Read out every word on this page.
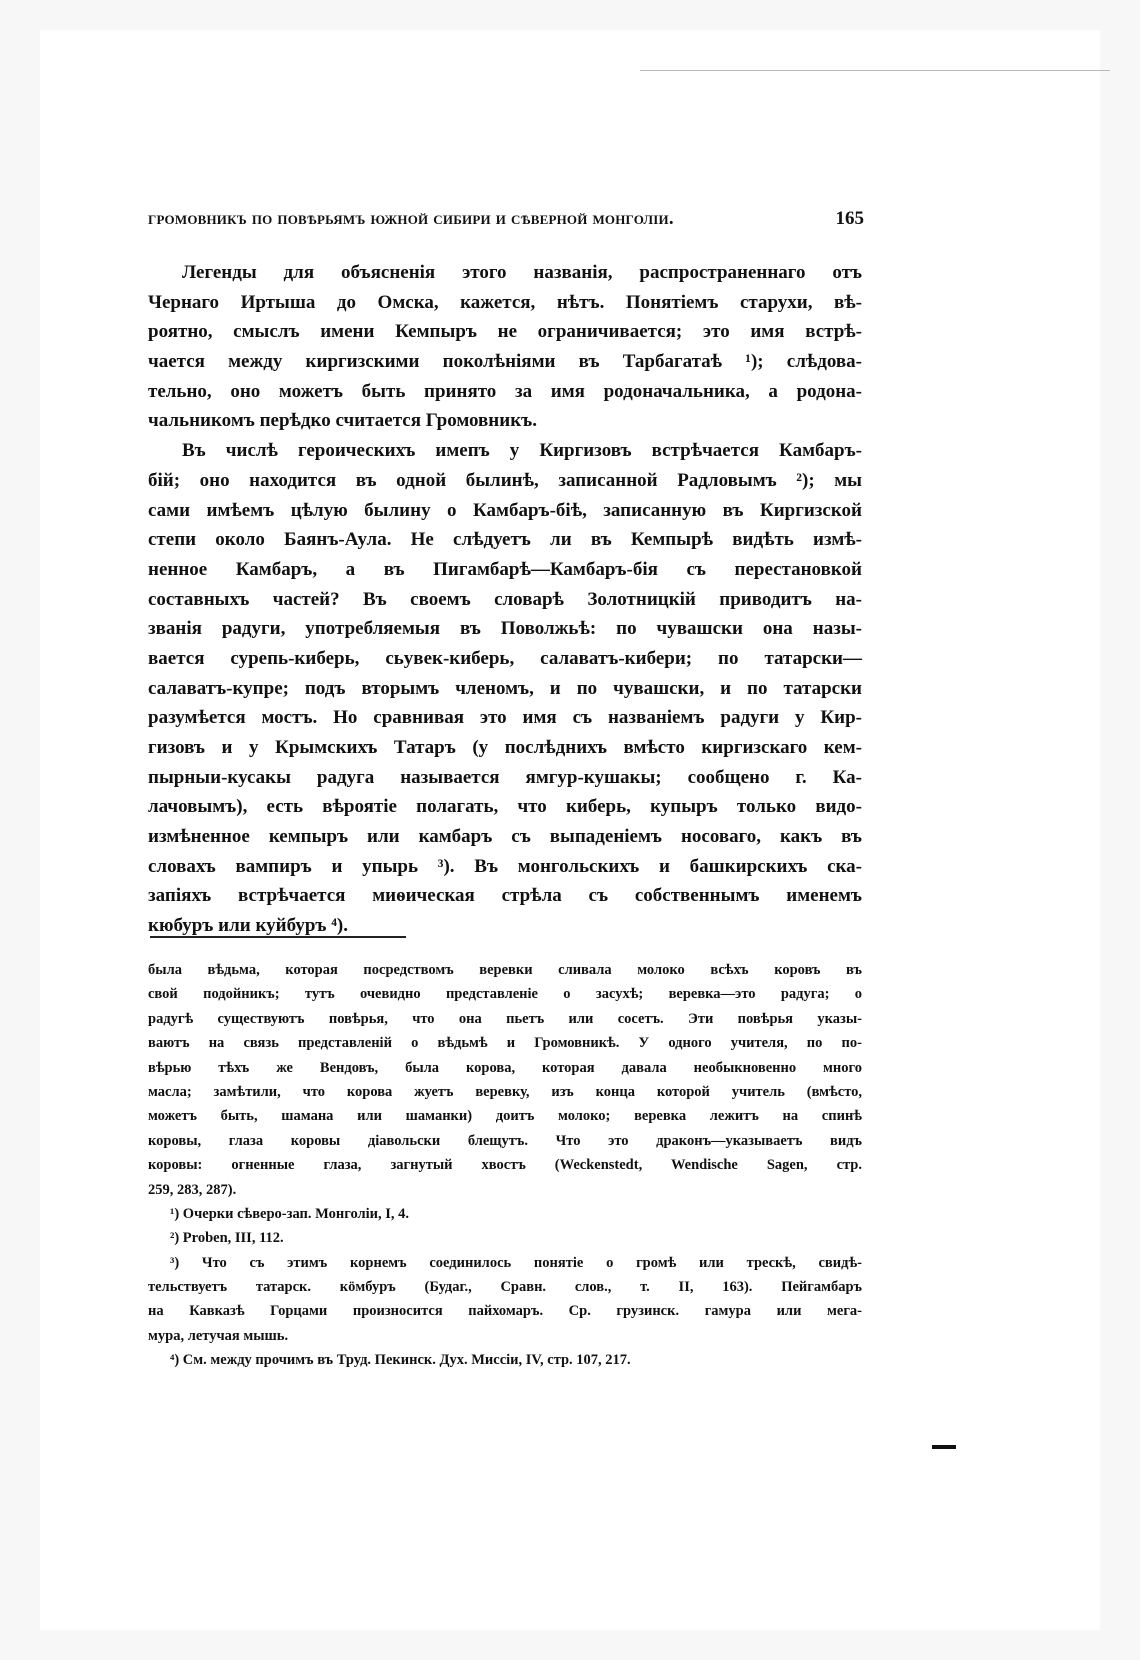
громовникъ по повѣрьямъ южной сибири и сѣверной монголіи.	165
Легенды для объясненія этого названія, распространеннаго отъ
Чернаго Иртыша до Омска, кажется, нѣтъ. Понятіемъ старухи, вѣ-
роятно, смыслъ имени Кемпыръ не ограничивается; это имя встрѣ-
чается между киргизскими поколѣніями въ Тарбагатаѣ ¹); слѣдова-
тельно, оно можетъ быть принято за имя родоначальника, а родона-
чальникомъ перѣдко считается Громовникъ.
Въ числѣ героическихъ имепъ у Киргизовъ встрѣчается Камбаръ-
бій; оно находится въ одной былинѣ, записанной Радловымъ ²); мы
сами имѣемъ цѣлую былину о Камбаръ-біѣ, записанную въ Киргизской
степи около Баянъ-Аула. Не слѣдуетъ ли въ Кемпырѣ видѣть измѣ-
ненное Камбаръ, а въ Пигамбарѣ—Камбаръ-бія съ перестановкой
составныхъ частей? Въ своемъ словарѣ Золотницкій приводитъ на-
званія радуги, употребляемыя въ Поволжьѣ: по чувашски она назы-
вается сурепь-киберь, сьувек-киберь, салаватъ-кибери; по татарски—
салаватъ-купре; подъ вторымъ членомъ, и по чувашски, и по татарски
разумѣется мостъ. Но сравнивая это имя съ названіемъ радуги у Кир-
гизовъ и у Крымскихъ Татаръ (у послѣднихъ вмѣсто киргизскаго кем-
пырныи-кусакы радуга называется ямгур-кушакы; сообщено г. Ка-
лачовымъ), есть вѣроятіе полагать, что киберь, купыръ только видо-
измѣненное кемпыръ или камбаръ съ выпаденіемъ носоваго, какъ въ
словахъ вампиръ и упырь ³). Въ монгольскихъ и башкирскихъ ска-
запіяхъ встрѣчается миѳическая стрѣла съ собственнымъ именемъ
кюбуръ или куйбуръ ⁴).
была вѣдьма, которая посредствомъ веревки сливала молоко всѣхъ коровъ въ
свой подойникъ; тутъ очевидно представленіе о засухѣ; веревка—это радуга; о
радугѣ существуютъ повѣрья, что она пьетъ или сосетъ. Эти повѣрья указы-
ваютъ на связь представленій о вѣдьмѣ и Громовникѣ. У одного учителя, по по-
вѣрью тѣхъ же Вендовъ, была корова, которая давала необыкновенно много
масла; замѣтили, что корова жуетъ веревку, изъ конца которой учитель (вмѣсто,
можетъ быть, шамана или шаманки) доитъ молоко; веревка лежитъ на спинѣ
коровы, глаза коровы діавольски блещутъ. Что это драконъ—указываетъ видъ
коровы: огненные глаза, загнутый хвостъ (Weckenstedt, Wendische Sagen, стр.
259, 283, 287).
¹) Очерки сѣверо-зап. Монголіи, I, 4.
²) Proben, III, 112.
³) Что съ этимъ корнемъ соединилось понятіе о громѣ или трескѣ, свидѣ-
тельствуетъ татарск. кӧмбуръ (Будаг., Сравн. слов., т. II, 163). Пейгамбаръ
на Кавказѣ Горцами произносится пайхомаръ. Ср. грузинск. гамура или мега-
мура, летучая мышь.
⁴) См. между прочимъ въ Труд. Пекинск. Дух. Миссіи, IV, стр. 107, 217.
